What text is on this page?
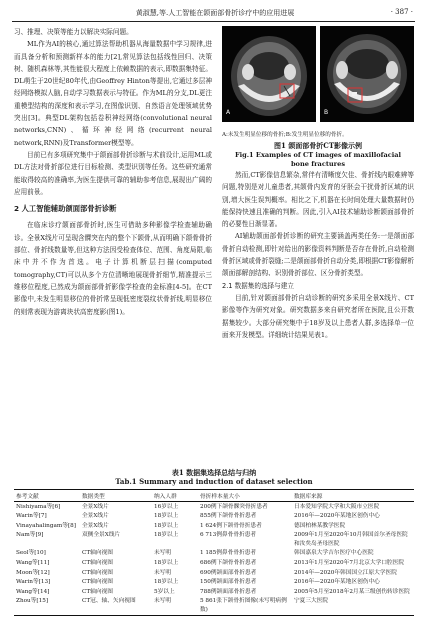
黄淑慧,等.人工智能在颌面部骨折诊疗中的应用进展	· 387 ·

习、推理、决策等能力以解决实际问题。

ML作为AI的核心,通过算法帮助机器从海量数据中学习规律,进而具备分析和预测新样本的能力[2],常见算法包括线性回归、决策树、随机森林等,其性能很大程度上依赖数据的表示,即数据集特征。DL萌生于20世纪80年代,由Geoffrey Hinton等提出,它通过多层神经网络模拟人脑,自动学习数据表示与特征。作为ML的分支,DL更注重模型结构的深度和表示学习,在图像识别、自然语言处理领域优势突出[3]。典型DL架构包括卷积神经网络(convolutional neural networks,CNN)、循环神经网络(recurrent neural network,RNN)及Transformer模型等。

目前已有多项研究集中于颌面部骨折诊断与术前设计,运用ML或DL方法对骨折部位进行目标检测、类型识别等任务。这些研究通常能取得较高的准确率,为医生提供可靠的辅助参考信息,展现出广阔的应用前景。

2 人工智能辅助颌面部骨折诊断

在临床诊疗颌面部骨折时,医生可借助多种影像学检查辅助确诊。全景X线片可呈现含髁突在内的整个下颌骨,从而明确下颌骨骨折部位、骨折线数量等,但这种方法因受检查体位、范围、角度局限,临床中并不作为首选。电子计算机断层扫描(computed tomography,CT)可以从多个方位清晰地展现骨折细节,精准提示三维移位程度,已然成为颌面部骨折影像学检查的金标准[4-5]。在CT影像中,未发生明显移位的骨折常呈现低密度裂纹状骨折线,明显移位的则常表现为游离块状高密度影(图1)。

A	B
A:未发生明显位移的骨折;B:发生明显位移的骨折。
图1 颌面部骨折CT影像示例
Fig.1 Examples of CT images of maxillofacial
bone fractures

然而,CT影像信息繁杂,常伴有清晰度欠佳、骨折线内眼难辨等问题,特别是对儿童患者,其颌骨内发育的牙胚会干扰骨折区域的识别,增大医生误判概率。相比之下,机器在长时间处理大量数据时仍能保持快速且准确的判断。因此,引入AI技术辅助诊断颌面部骨折的必要性日渐显著。

AI辅助颌面部骨折诊断的研究主要涵盖两类任务:一是颌面部骨折自动检测,即针对给出的影像资料判断是否存在骨折,自动检测骨折区域或骨折裂缝;二是颌面部骨折自动分类,即根据CT影像解析颌面部解剖结构、识别骨折部位、区分骨折类型。

2.1 数据集的选择与建立

目前,针对颌面部骨折自动诊断的研究多采用全景X线片、CT影像等作为研究对象。研究数据多来自研究者所在医院,且公开数据集较少。大部分研究集中于18岁及以上患者人群,多选择单一位面来开发模型。详细统计结果见表1。

表1 数据集选择总结与归纳
Tab.1 Summary and induction of dataset selection
参考文献	数据类型	纳入人群	骨折样本量大小	数据库来源
Nishiyama等[6]	全景X线片	16岁以上	200例下颌骨髁突骨折患者	日本爱知学院大学和大阪市立医院
Warin等[7]	全景X线片	18岁以上	855例下颌骨骨折患者	2016年—2020年某地区创伤中心
Vinayahalingam等[8]	全景X线片	18岁以上	1 624例下颌骨骨折患者	德国柏林某教学医院
Nam等[9]	双侧全景X线片	18岁以上	6 713例鼻骨骨折患者	2009年1月至2020年10月韩国首尔圣母医院和汝矣岛圣母医院
Seol等[10]	CT轴向视图	未写明	1 185例鼻骨骨折患者	韩国嘉泉大学吉尔医疗中心医院
Wang等[11]	CT轴向视图	18岁以上	686例下颌骨骨折患者	2013年1月至2020年7月北京大学口腔医院
Moon等[12]	CT轴向视图	未写明	690例颌面部骨折患者	2014年—2020年韩国国立江原大学医院
Warin等[13]	CT轴向视图	18岁以上	150例颌面部骨折患者	2016年—2020年某地区创伤中心
Wang等[14]	CT轴向视图	5岁以上	788例颌面部骨折患者	2005年5月至2018年2月某三级创伤转诊医院
Zhou等[15]	CT冠、轴、矢向视图	未写明	5 861张下颌骨折图像(未写明病例数)	宁夏三大医院
